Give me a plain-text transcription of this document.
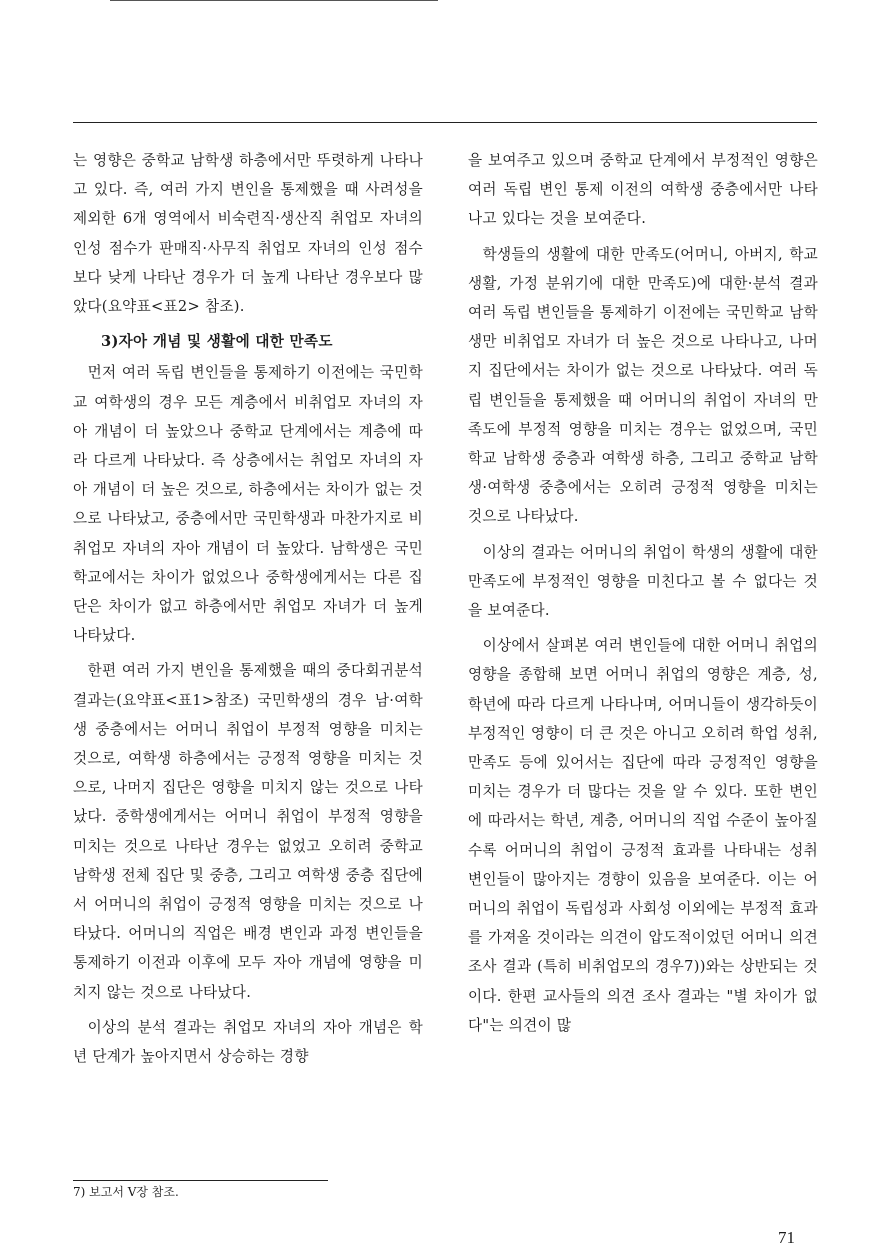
는 영향은 중학교 남학생 하층에서만 뚜렷하게 나타나고 있다. 즉, 여러 가지 변인을 통제했을 때 사려성을 제외한 6개 영역에서 비숙련직·생산직 취업모 자녀의 인성 점수가 판매직·사무직 취업모 자녀의 인성 점수보다 낮게 나타난 경우가 더 높게 나타난 경우보다 많았다(요약표<표2> 참조).

3)자아 개념 및 생활에 대한 만족도

먼저 여러 독립 변인들을 통제하기 이전에는 국민학교 여학생의 경우 모든 계층에서 비취업모 자녀의 자아 개념이 더 높았으나 중학교 단계에서는 계층에 따라 다르게 나타났다. 즉 상층에서는 취업모 자녀의 자아 개념이 더 높은 것으로, 하층에서는 차이가 없는 것으로 나타났고, 중층에서만 국민학생과 마찬가지로 비취업모 자녀의 자아 개념이 더 높았다. 남학생은 국민학교에서는 차이가 없었으나 중학생에게서는 다른 집단은 차이가 없고 하층에서만 취업모 자녀가 더 높게 나타났다.

한편 여러 가지 변인을 통제했을 때의 중다회귀분석 결과는(요약표<표1>참조) 국민학생의 경우 남·여학생 중층에서는 어머니 취업이 부정적 영향을 미치는 것으로, 여학생 하층에서는 긍정적 영향을 미치는 것으로, 나머지 집단은 영향을 미치지 않는 것으로 나타났다. 중학생에게서는 어머니 취업이 부정적 영향을 미치는 것으로 나타난 경우는 없었고 오히려 중학교 남학생 전체 집단 및 중층, 그리고 여학생 중층 집단에서 어머니의 취업이 긍정적 영향을 미치는 것으로 나타났다. 어머니의 직업은 배경 변인과 과정 변인들을 통제하기 이전과 이후에 모두 자아 개념에 영향을 미치지 않는 것으로 나타났다.

이상의 분석 결과는 취업모 자녀의 자아 개념은 학년 단계가 높아지면서 상승하는 경향

을 보여주고 있으며 중학교 단계에서 부정적인 영향은 여러 독립 변인 통제 이전의 여학생 중층에서만 나타나고 있다는 것을 보여준다.

학생들의 생활에 대한 만족도(어머니, 아버지, 학교 생활, 가정 분위기에 대한 만족도)에 대한·분석 결과 여러 독립 변인들을 통제하기 이전에는 국민학교 남학생만 비취업모 자녀가 더 높은 것으로 나타나고, 나머지 집단에서는 차이가 없는 것으로 나타났다. 여러 독립 변인들을 통제했을 때 어머니의 취업이 자녀의 만족도에 부정적 영향을 미치는 경우는 없었으며, 국민학교 남학생 중층과 여학생 하층, 그리고 중학교 남학생·여학생 중층에서는 오히려 긍정적 영향을 미치는 것으로 나타났다.

이상의 결과는 어머니의 취업이 학생의 생활에 대한 만족도에 부정적인 영향을 미친다고 볼 수 없다는 것을 보여준다.

이상에서 살펴본 여러 변인들에 대한 어머니 취업의 영향을 종합해 보면 어머니 취업의 영향은 계층, 성, 학년에 따라 다르게 나타나며, 어머니들이 생각하듯이 부정적인 영향이 더 큰 것은 아니고 오히려 학업 성취, 만족도 등에 있어서는 집단에 따라 긍정적인 영향을 미치는 경우가 더 많다는 것을 알 수 있다. 또한 변인에 따라서는 학년, 계층, 어머니의 직업 수준이 높아질수록 어머니의 취업이 긍정적 효과를 나타내는 성취 변인들이 많아지는 경향이 있음을 보여준다. 이는 어머니의 취업이 독립성과 사회성 이외에는 부정적 효과를 가져올 것이라는 의견이 압도적이었던 어머니 의견 조사 결과 (특히 비취업모의 경우7))와는 상반되는 것이다. 한편 교사들의 의견 조사 결과는 "별 차이가 없다"는 의견이 많

7) 보고서 V장 참조.
71
